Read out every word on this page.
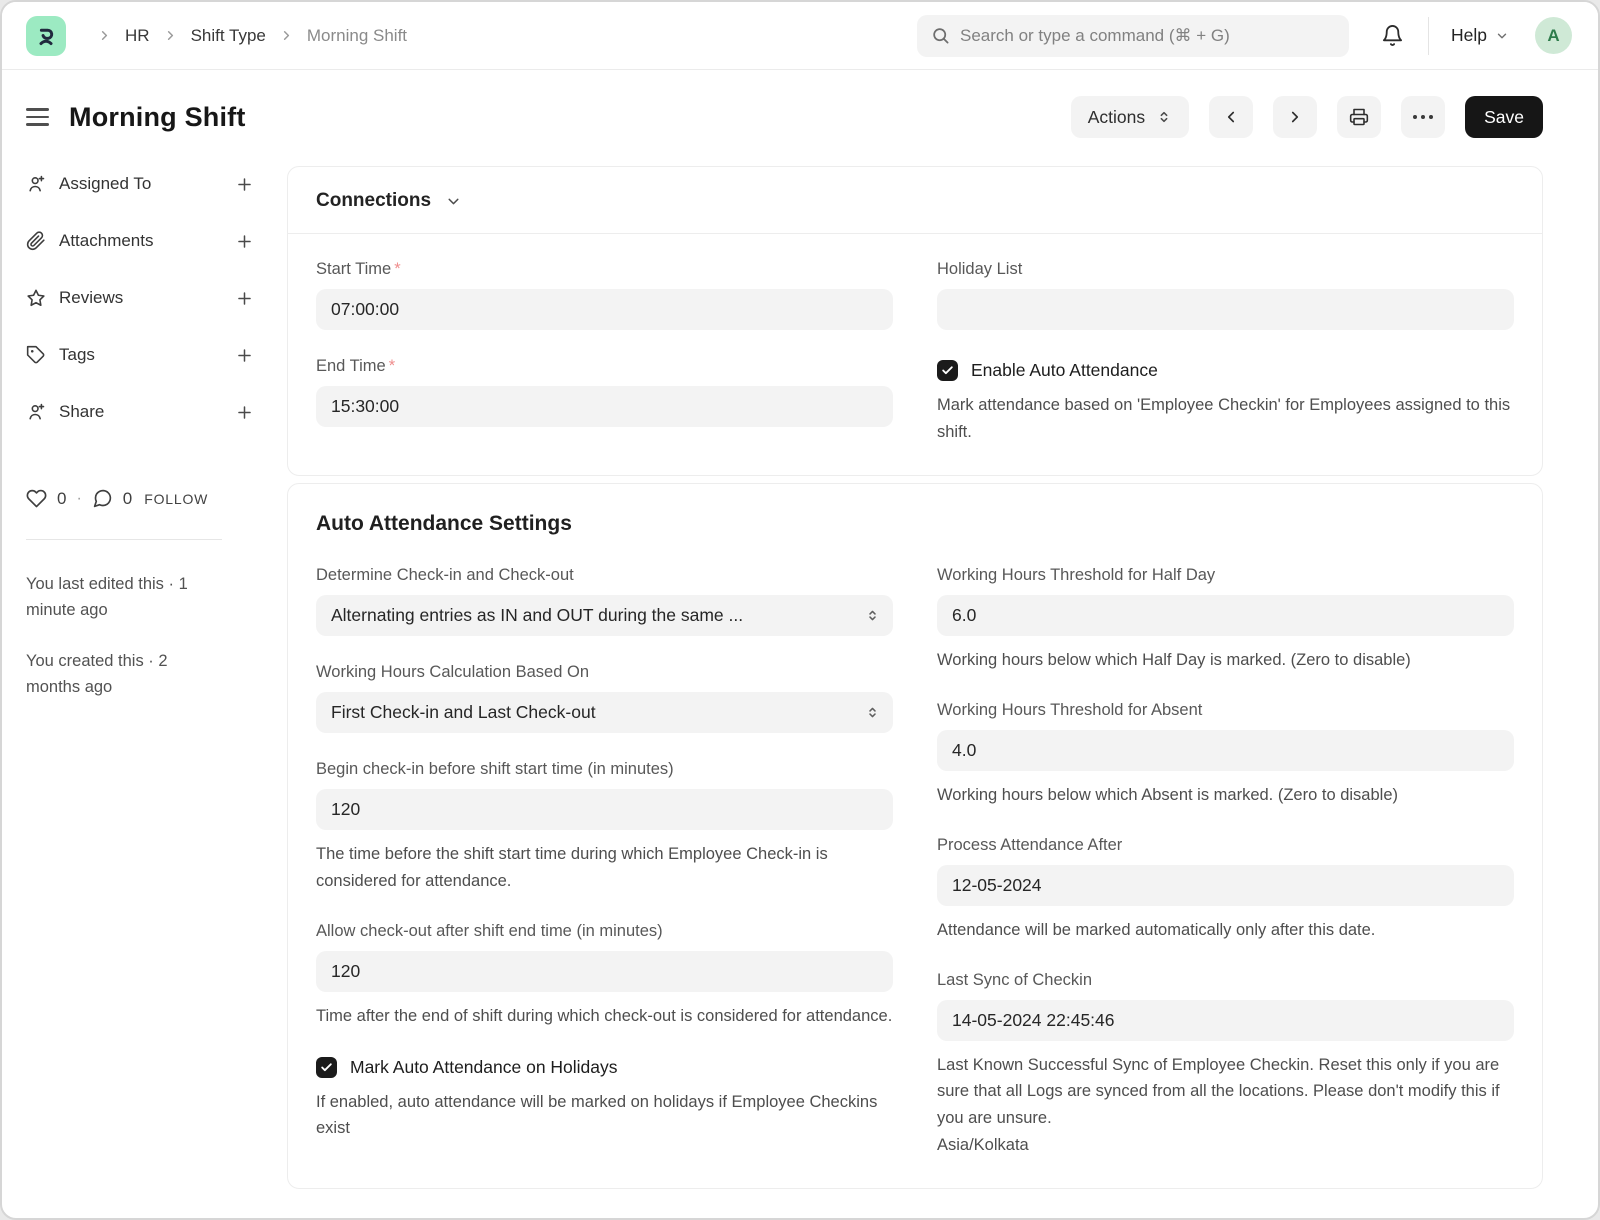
HR Shift Type Morning Shift
Search or type a command (⌘ + G)	Help	A
Morning Shift	Actions	Save
Assigned To
Attachments
Reviews
Tags
Share
0 · 0 FOLLOW

You last edited this · 1 minute ago

You created this · 2 months ago

Connections
Start Time *
07:00:00
End Time *
15:30:00
Holiday List
Enable Auto Attendance

Mark attendance based on 'Employee Checkin' for Employees assigned to this shift.

Auto Attendance Settings
Determine Check-in and Check-out
Alternating entries as IN and OUT during the same ...
Working Hours Calculation Based On
First Check-in and Last Check-out
Begin check-in before shift start time (in minutes)
120

The time before the shift start time during which Employee Check-in is considered for attendance.

Allow check-out after shift end time (in minutes)
120

Time after the end of shift during which check-out is considered for attendance.

Mark Auto Attendance on Holidays

If enabled, auto attendance will be marked on holidays if Employee Checkins exist

Working Hours Threshold for Half Day
6.0

Working hours below which Half Day is marked. (Zero to disable)

Working Hours Threshold for Absent
4.0

Working hours below which Absent is marked. (Zero to disable)

Process Attendance After
12-05-2024

Attendance will be marked automatically only after this date.

Last Sync of Checkin
14-05-2024 22:45:46

Last Known Successful Sync of Employee Checkin. Reset this only if you are sure that all Logs are synced from all the locations. Please don't modify this if you are unsure.

Asia/Kolkata
